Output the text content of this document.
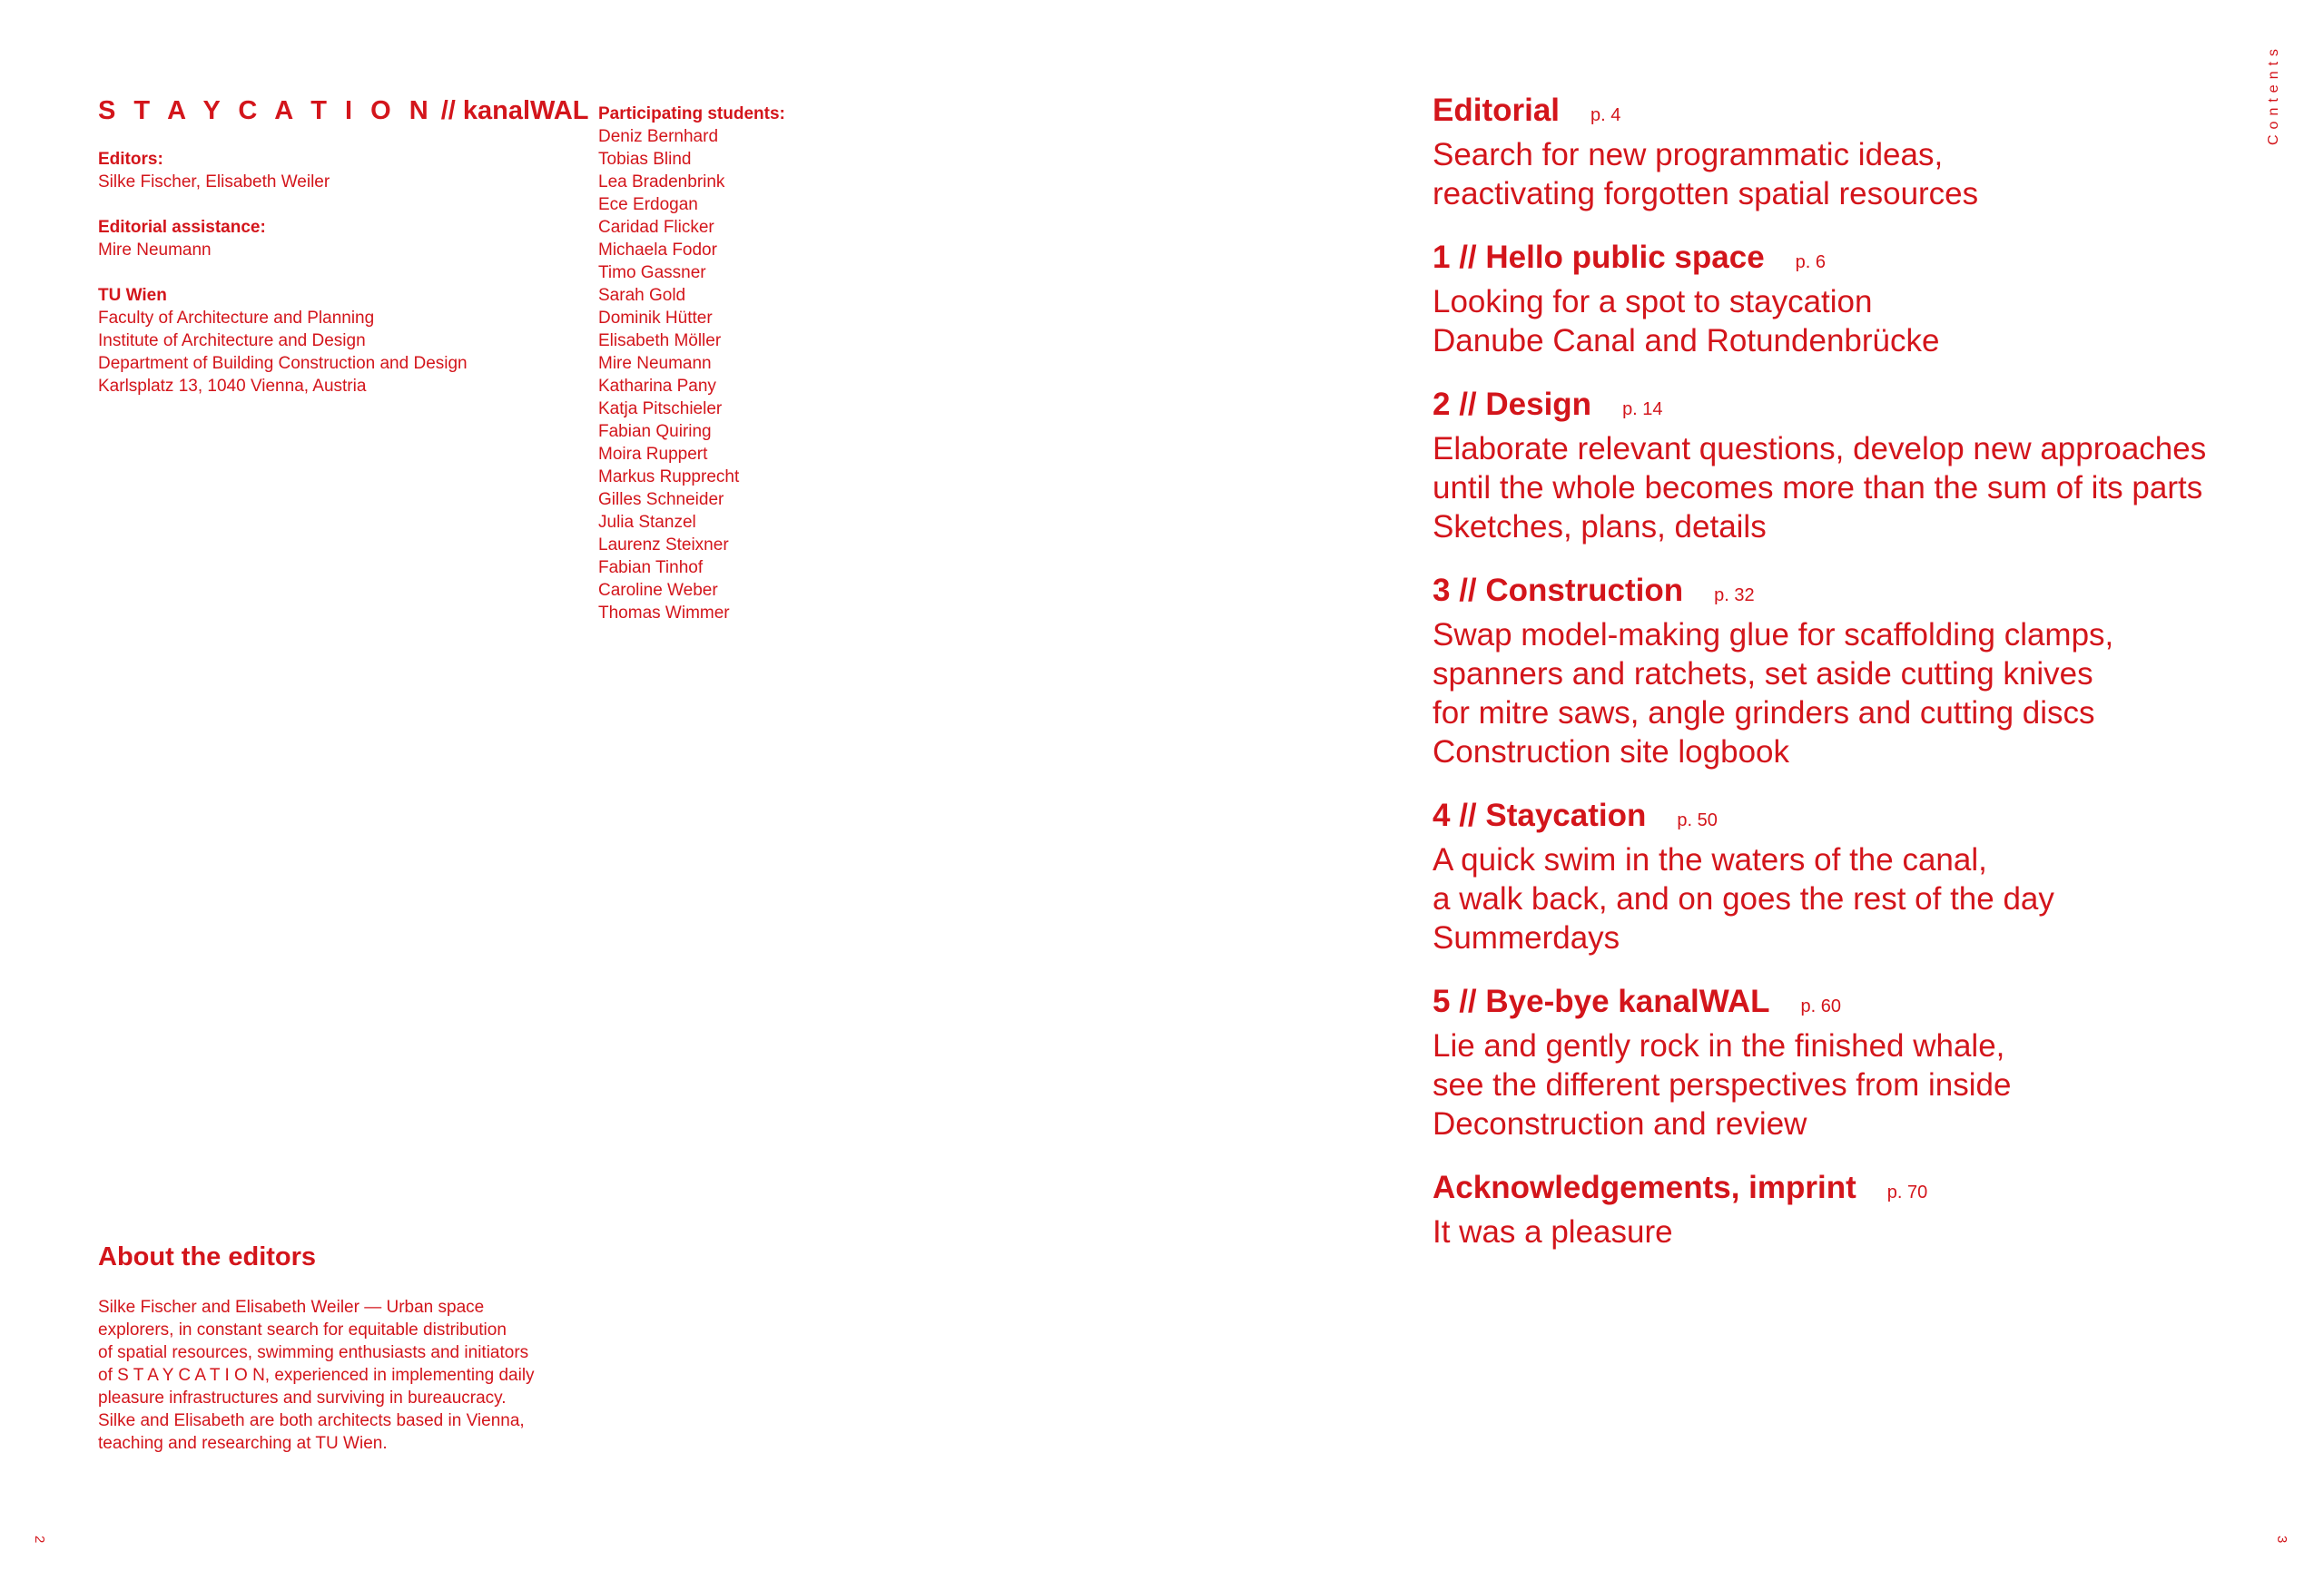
S T A Y C A T I O N // kanalWAL
Editors:
Silke Fischer, Elisabeth Weiler
Editorial assistance:
Mire Neumann
TU Wien
Faculty of Architecture and Planning
Institute of Architecture and Design
Department of Building Construction and Design
Karlsplatz 13, 1040 Vienna, Austria
Participating students:
Deniz Bernhard
Tobias Blind
Lea Bradenbrink
Ece Erdogan
Caridad Flicker
Michaela Fodor
Timo Gassner
Sarah Gold
Dominik Hütter
Elisabeth Möller
Mire Neumann
Katharina Pany
Katja Pitschieler
Fabian Quiring
Moira Ruppert
Markus Rupprecht
Gilles Schneider
Julia Stanzel
Laurenz Steixner
Fabian Tinhof
Caroline Weber
Thomas Wimmer
About the editors
Silke Fischer and Elisabeth Weiler — Urban space
explorers, in constant search for equitable distribution
of spatial resources, swimming enthusiasts and initiators
of S T A Y C A T I O N, experienced in implementing daily
pleasure infrastructures and surviving in bureaucracy.
Silke and Elisabeth are both architects based in Vienna,
teaching and researching at TU Wien.
2
Editorial p. 4
Search for new programmatic ideas,
reactivating forgotten spatial resources
1 // Hello public space p. 6
Looking for a spot to staycation
Danube Canal and Rotundenbrücke
2 // Design p. 14
Elaborate relevant questions, develop new approaches
until the whole becomes more than the sum of its parts
Sketches, plans, details
3 // Construction p. 32
Swap model-making glue for scaffolding clamps,
spanners and ratchets, set aside cutting knives
for mitre saws, angle grinders and cutting discs
Construction site logbook
4 // Staycation p. 50
A quick swim in the waters of the canal,
a walk back, and on goes the rest of the day
Summerdays
5 // Bye-bye kanalWAL p. 60
Lie and gently rock in the finished whale,
see the different perspectives from inside
Deconstruction and review
Acknowledgements, imprint p. 70
It was a pleasure
Contents
3
